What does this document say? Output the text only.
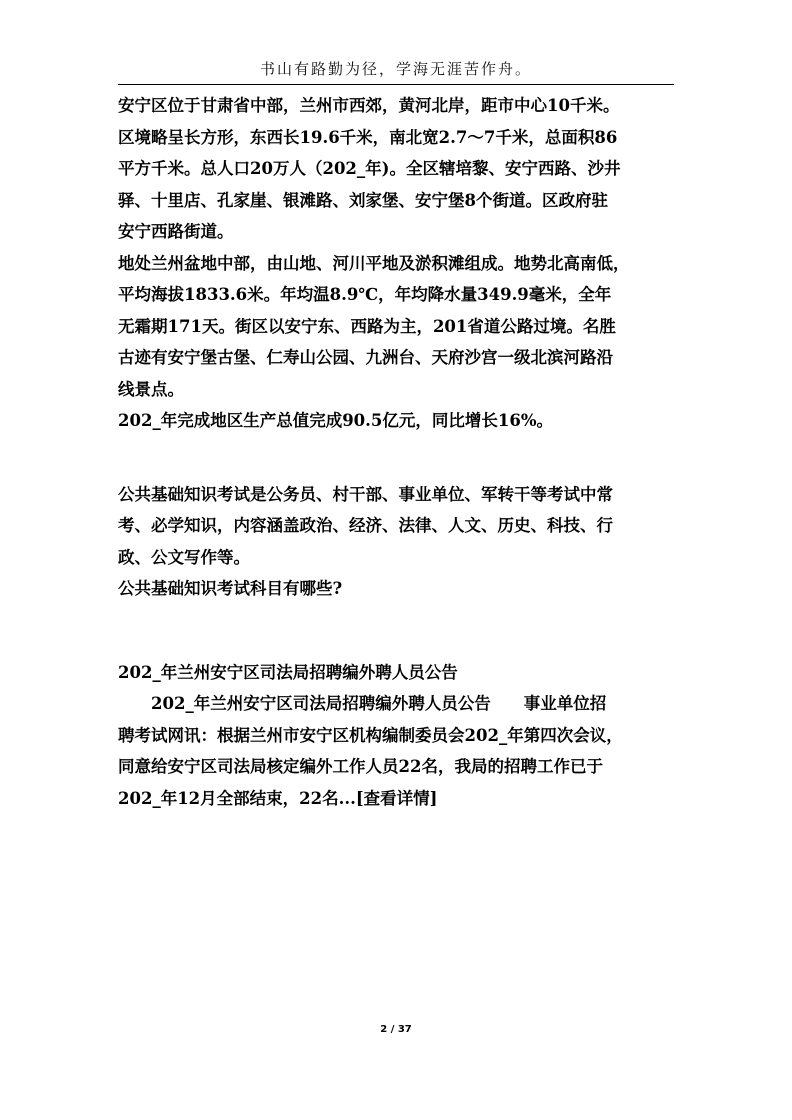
书山有路勤为径，学海无涯苦作舟。

安宁区位于甘肃省中部，兰州市西郊，黄河北岸，距市中心10千米。

区境略呈长方形，东西长19.6千米，南北宽2.7～7千米，总面积86

平方千米。总人口20万人（202_年)。全区辖培黎、安宁西路、沙井

驿、十里店、孔家崖、银滩路、刘家堡、安宁堡8个街道。区政府驻

安宁西路街道。

地处兰州盆地中部，由山地、河川平地及淤积滩组成。地势北高南低，

平均海拔1833.6米。年均温8.9℃，年均降水量349.9毫米，全年

无霜期171天。街区以安宁东、西路为主，201省道公路过境。名胜

古迹有安宁堡古堡、仁寿山公园、九洲台、天府沙宫一级北滨河路沿

线景点。

202_年完成地区生产总值完成90.5亿元，同比增长16%。

公共基础知识考试是公务员、村干部、事业单位、军转干等考试中常

考、必学知识，内容涵盖政治、经济、法律、人文、历史、科技、行

政、公文写作等。

公共基础知识考试科目有哪些?

202_年兰州安宁区司法局招聘编外聘人员公告

　　202_年兰州安宁区司法局招聘编外聘人员公告　　事业单位招

聘考试网讯：根据兰州市安宁区机构编制委员会202_年第四次会议，

同意给安宁区司法局核定编外工作人员22名，我局的招聘工作已于

202_年12月全部结束，22名...[查看详情]

2 / 37
